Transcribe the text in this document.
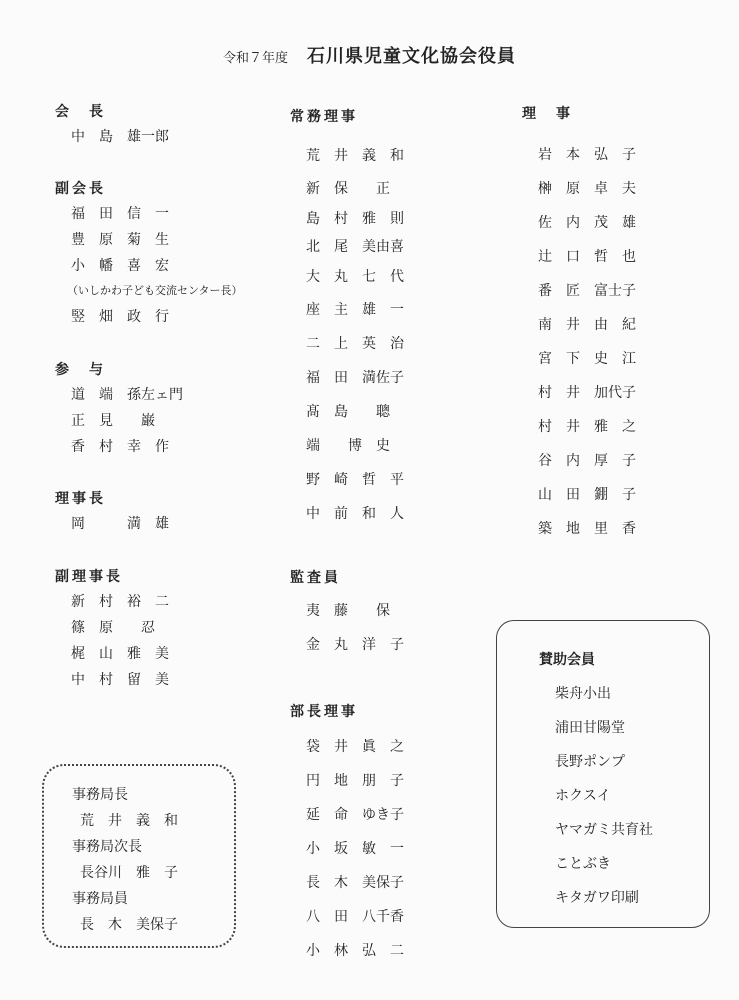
令和７年度 石川県児童文化協会役員
会　長
中　島　雄一郎
副会長
福　田　信　一
豊　原　菊　生
小　幡　喜　宏
（いしかわ子ども交流センター長）
竪　畑　政　行
参　与
道　端　孫左ェ門
正　見　　巌
香　村　幸　作
理事長
岡　　　満　雄
副理事長
新　村　裕　二
篠　原　　忍
梶　山　雅　美
中　村　留　美
事務局長
荒　井　義　和
事務局次長
長谷川　雅　子
事務局員
長　木　美保子
常務理事
荒　井　義　和
新　保　　正
島　村　雅　則
北　尾　美由喜
大　丸　七　代
座　主　雄　一
二　上　英　治
福　田　満佐子
髙　島　　聰
端　　博　史
野　崎　哲　平
中　前　和　人
監査員
夷　藤　　保
金　丸　洋　子
部長理事
袋　井　眞　之
円　地　朋　子
延　命　ゆき子
小　坂　敏　一
長　木　美保子
八　田　八千香
小　林　弘　二
理　事
岩　本　弘　子
榊　原　卓　夫
佐　内　茂　雄
辻　口　哲　也
番　匠　富士子
南　井　由　紀
宮　下　史　江
村　井　加代子
村　井　雅　之
谷　内　厚　子
山　田　錋　子
築　地　里　香
賛助会員
柴舟小出
浦田甘陽堂
長野ポンプ
ホクスイ
ヤマガミ共育社
ことぶき
キタガワ印刷
